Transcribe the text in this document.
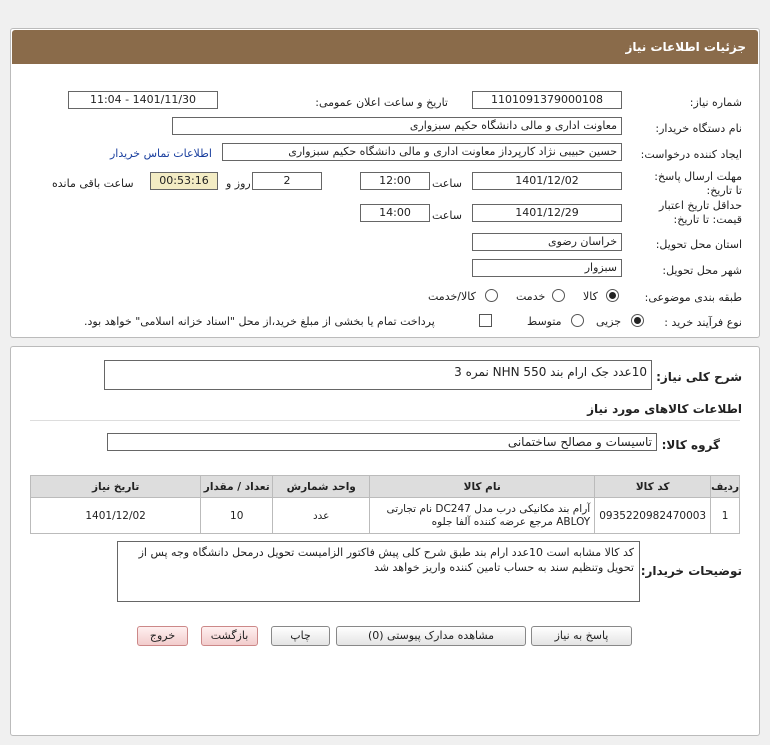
جزئیات اطلاعات نیاز
شماره نیاز:
1101091379000108
تاریخ و ساعت اعلان عمومی:
1401/11/30 - 11:04
نام دستگاه خریدار:
معاونت اداری و مالی دانشگاه حکیم سبزواری
ایجاد کننده درخواست:
حسین حبیبی نژاد کارپرداز معاونت اداری و مالی دانشگاه حکیم سبزواری
اطلاعات تماس خریدار
مهلت ارسال پاسخ: تا تاریخ:
1401/12/02
ساعت
12:00
2
روز و
00:53:16
ساعت باقی مانده
حداقل تاریخ اعتبار قیمت: تا تاریخ:
1401/12/29
ساعت
14:00
استان محل تحویل:
خراسان رضوی
شهر محل تحویل:
سبزوار
طبقه بندی موضوعی:
کالا
خدمت
کالا/خدمت
نوع فرآیند خرید :
جزیی
متوسط
پرداخت تمام یا بخشی از مبلغ خرید،از محل "اسناد خزانه اسلامی" خواهد بود.
شرح کلی نیاز:
10عدد جک ارام بند NHN 550 نمره 3
اطلاعات کالاهای مورد نیاز
گروه کالا:
تاسیسات و مصالح ساختمانی
ردیف	کد کالا	نام کالا	واحد شمارش	تعداد / مقدار	تاریخ نیاز
1	0935220982470003	آرام بند مکانیکی درب مدل DC247 نام تجارتی ABLOY مرجع عرضه کننده آلفا جلوه	عدد	10	1401/12/02
توضیحات خریدار:
کد کالا مشابه است 10عدد ارام بند طبق شرح کلی پیش فاکتور الزامیست تحویل درمحل دانشگاه وجه پس از تحویل وتنظیم سند به حساب تامین کننده واریز خواهد شد
پاسخ به نیاز
مشاهده مدارک پیوستی (0)
چاپ
بازگشت
خروج
